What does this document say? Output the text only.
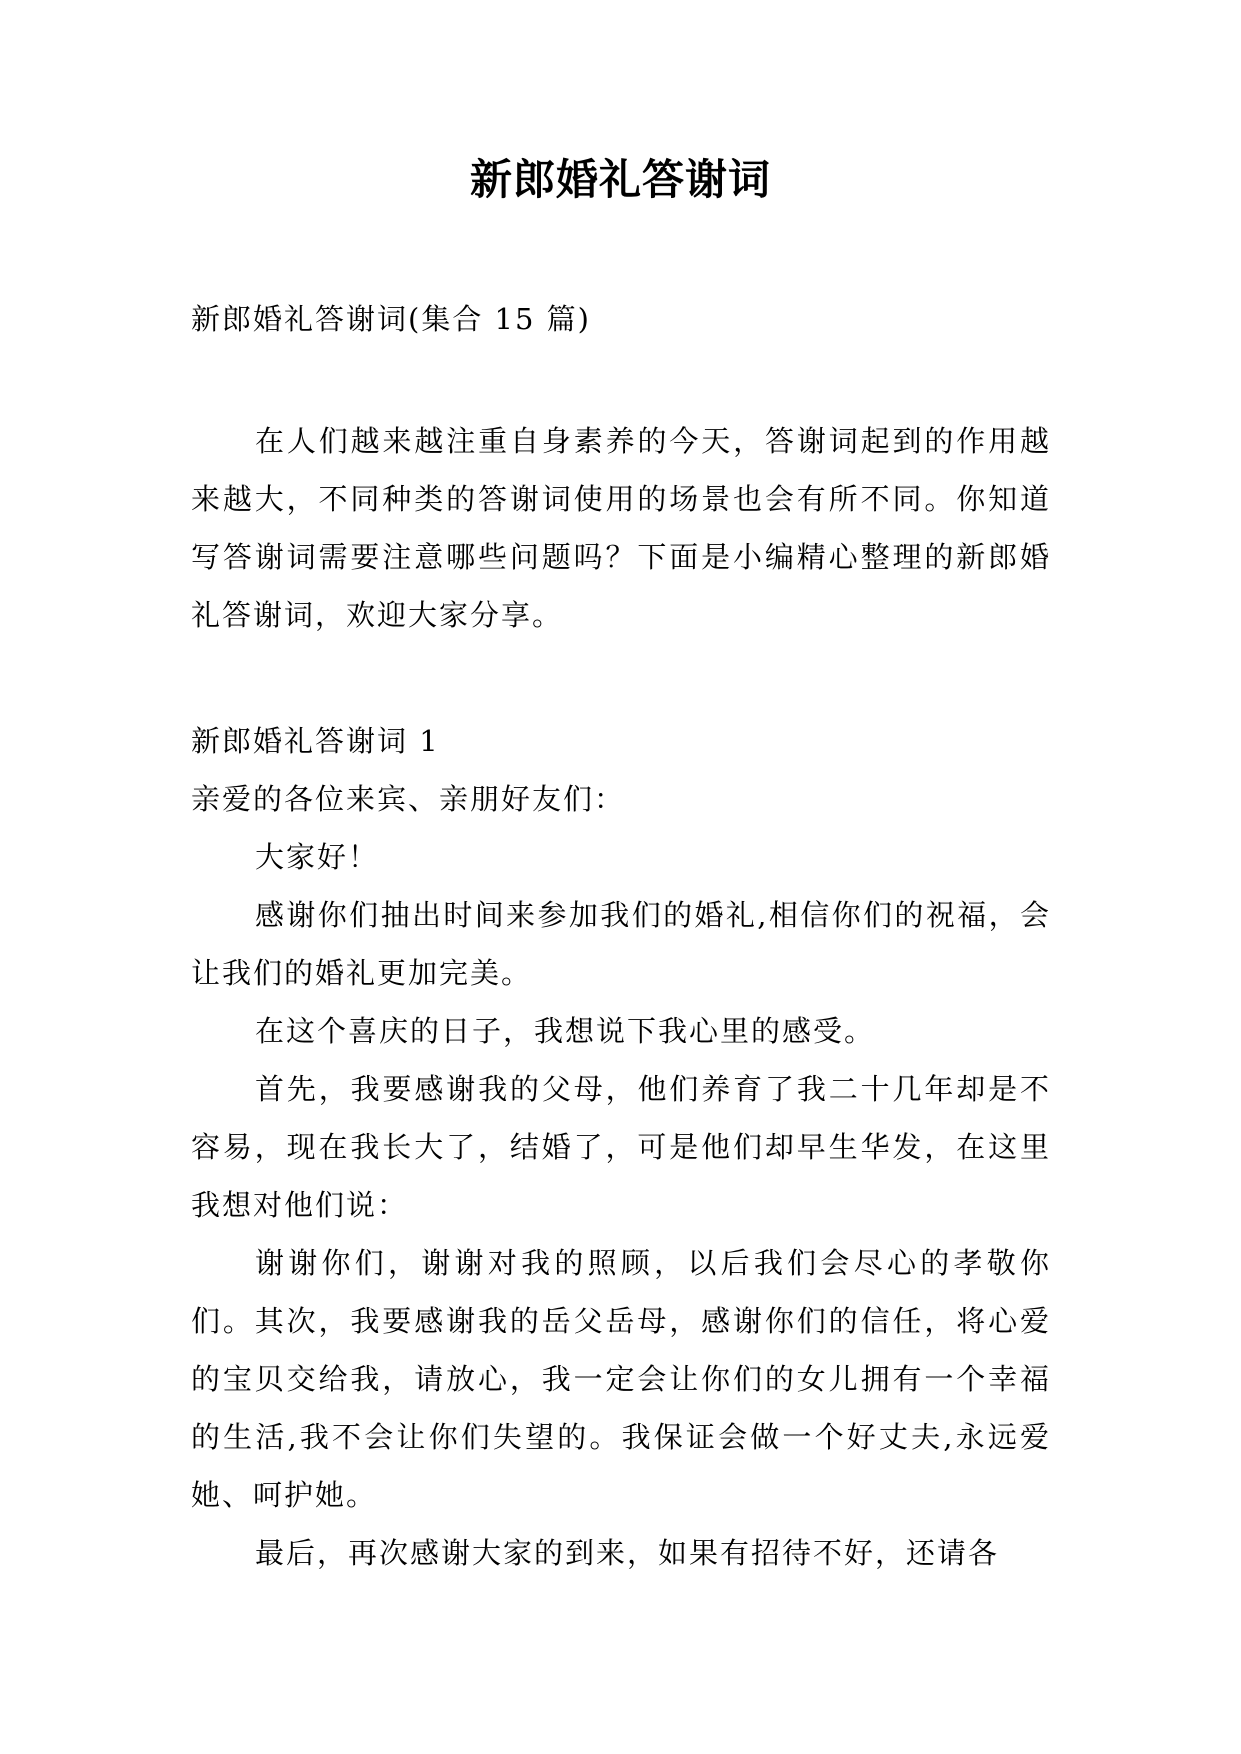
新郎婚礼答谢词

新郎婚礼答谢词(集合 15 篇)

在人们越来越注重自身素养的今天，答谢词起到的作用越来越大，不同种类的答谢词使用的场景也会有所不同。你知道写答谢词需要注意哪些问题吗？下面是小编精心整理的新郎婚礼答谢词，欢迎大家分享。

新郎婚礼答谢词 1

亲爱的各位来宾、亲朋好友们：

大家好！

感谢你们抽出时间来参加我们的婚礼,相信你们的祝福，会让我们的婚礼更加完美。

在这个喜庆的日子，我想说下我心里的感受。

首先，我要感谢我的父母，他们养育了我二十几年却是不容易，现在我长大了，结婚了，可是他们却早生华发，在这里我想对他们说：

谢谢你们，谢谢对我的照顾，以后我们会尽心的孝敬你们。其次，我要感谢我的岳父岳母，感谢你们的信任，将心爱的宝贝交给我，请放心，我一定会让你们的女儿拥有一个幸福的生活,我不会让你们失望的。我保证会做一个好丈夫,永远爱她、呵护她。

最后，再次感谢大家的到来，如果有招待不好，还请各
